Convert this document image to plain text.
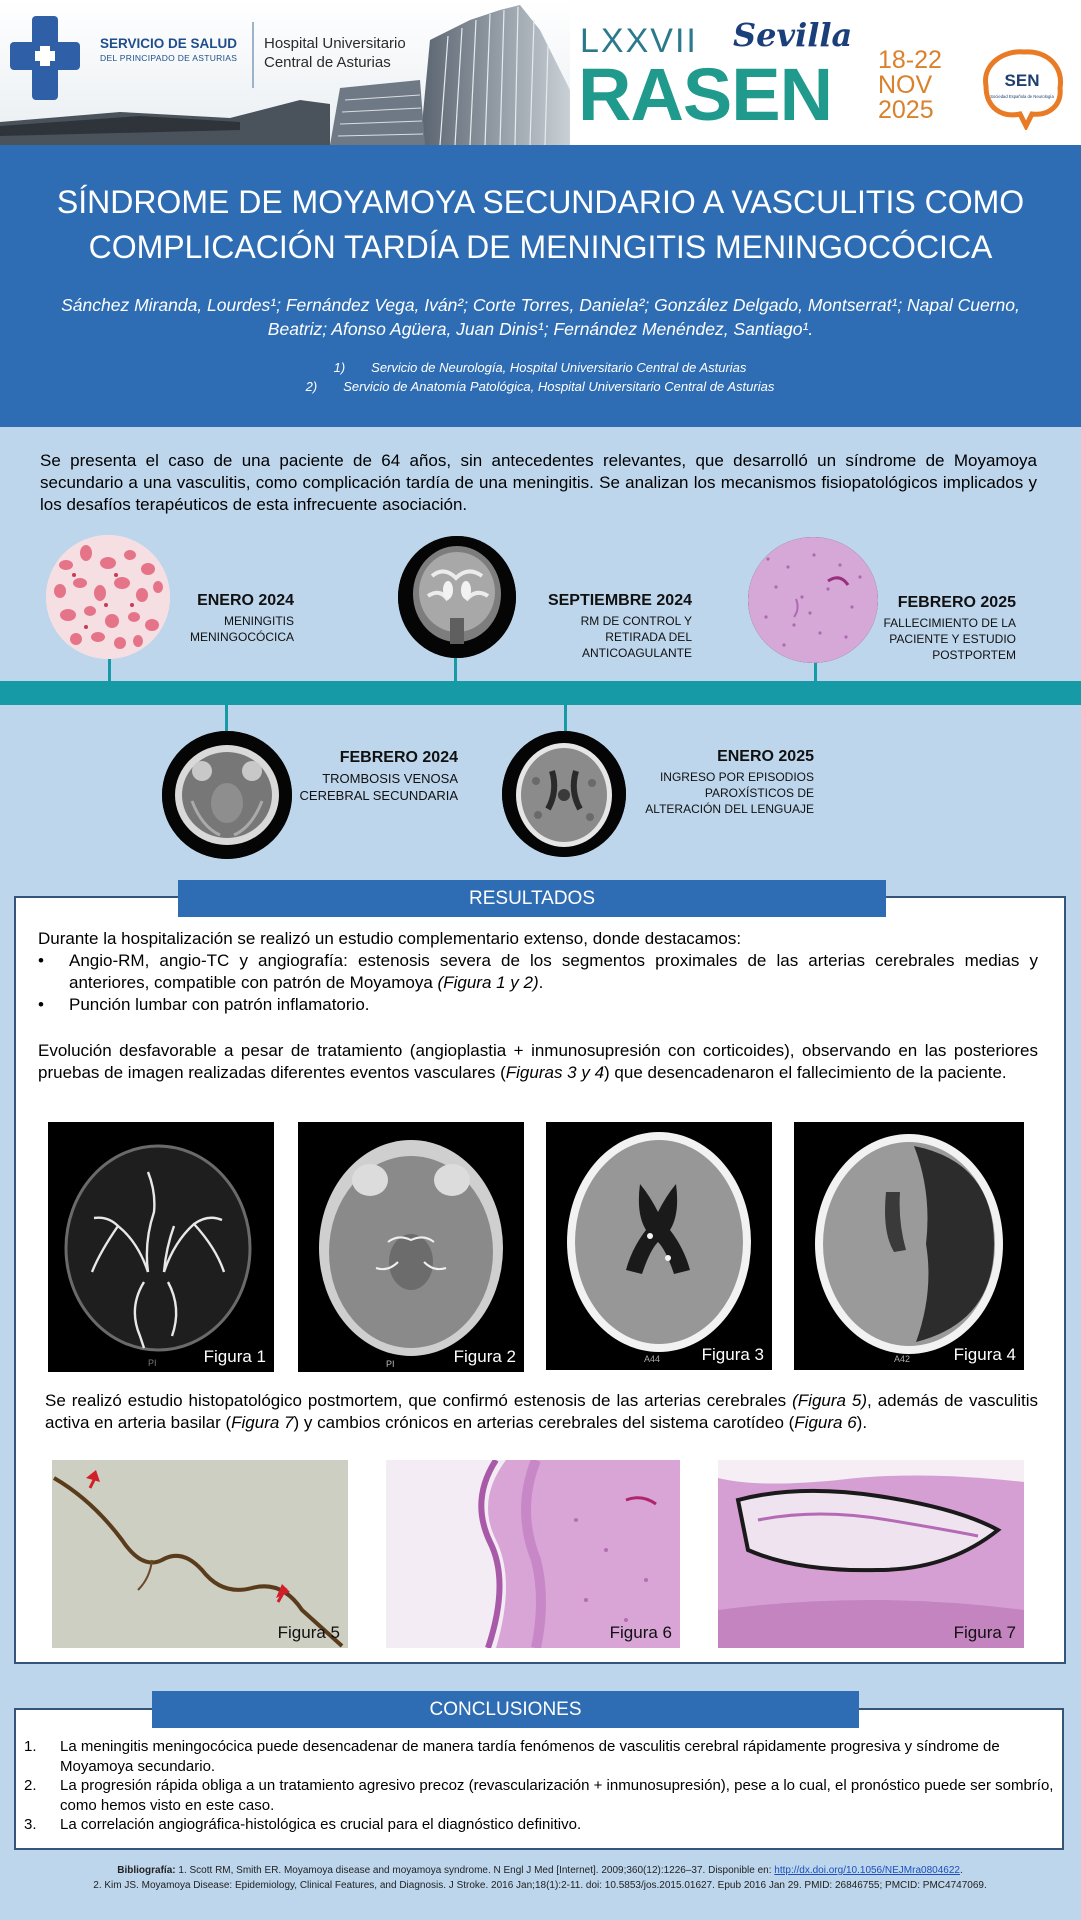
SERVICIO DE SALUD
DEL PRINCIPADO DE ASTURIAS
Hospital Universitario
Central de Asturias
LXXVII Sevilla
RASEN 18-22
NOV
2025
SEN
Sociedad Española de Neurología
SÍNDROME DE MOYAMOYA SECUNDARIO A VASCULITIS COMO
COMPLICACIÓN TARDÍA DE MENINGITIS MENINGOCÓCICA
Sánchez Miranda, Lourdes¹; Fernández Vega, Iván²; Corte Torres, Daniela²; González Delgado, Montserrat¹; Napal Cuerno,
Beatriz; Afonso Agüera, Juan Dinis¹; Fernández Menéndez, Santiago¹.
1) Servicio de Neurología, Hospital Universitario Central de Asturias
2) Servicio de Anatomía Patológica, Hospital Universitario Central de Asturias
Se presenta el caso de una paciente de 64 años, sin antecedentes relevantes, que desarrolló un síndrome de Moyamoya secundario a una vasculitis, como complicación tardía de una meningitis. Se analizan los mecanismos fisiopatológicos implicados y los desafíos terapéuticos de esta infrecuente asociación.
ENERO 2024
MENINGITIS
MENINGOCÓCICA
SEPTIEMBRE 2024
RM DE CONTROL Y
RETIRADA DEL
ANTICOAGULANTE
FEBRERO 2025
FALLECIMIENTO DE LA
PACIENTE Y ESTUDIO
POSTPORTEM
FEBRERO 2024
TROMBOSIS VENOSA
CEREBRAL SECUNDARIA
ENERO 2025
INGRESO POR EPISODIOS
PAROXÍSTICOS DE
ALTERACIÓN DEL LENGUAJE
RESULTADOS
Durante la hospitalización se realizó un estudio complementario extenso, donde destacamos:
•	Angio-RM, angio-TC y angiografía: estenosis severa de los segmentos proximales de las arterias cerebrales medias y anteriores, compatible con patrón de Moyamoya (Figura 1 y 2).
•	Punción lumbar con patrón inflamatorio.
Evolución desfavorable a pesar de tratamiento (angioplastia + inmunosupresión con corticoides), observando en las posteriores pruebas de imagen realizadas diferentes eventos vasculares (Figuras 3 y 4) que desencadenaron el fallecimiento de la paciente.
PI	Figura 1	PI	Figura 2	A44 Figura 3	A42	Figura 4
Se realizó estudio histopatológico postmortem, que confirmó estenosis de las arterias cerebrales (Figura 5), además de vasculitis activa en arteria basilar (Figura 7) y cambios crónicos en arterias cerebrales del sistema carotídeo (Figura 6).
Figura 5	Figura 6	Figura 7
CONCLUSIONES
1.	La meningitis meningocócica puede desencadenar de manera tardía fenómenos de vasculitis cerebral rápidamente progresiva y síndrome de Moyamoya secundario.
2.	La progresión rápida obliga a un tratamiento agresivo precoz (revascularización + inmunosupresión), pese a lo cual, el pronóstico puede ser sombrío, como hemos visto en este caso.
3.	La correlación angiográfica-histológica es crucial para el diagnóstico definitivo.
Bibliografía: 1. Scott RM, Smith ER. Moyamoya disease and moyamoya syndrome. N Engl J Med [Internet]. 2009;360(12):1226–37. Disponible en: http://dx.doi.org/10.1056/NEJMra0804622.
2. Kim JS. Moyamoya Disease: Epidemiology, Clinical Features, and Diagnosis. J Stroke. 2016 Jan;18(1):2-11. doi: 10.5853/jos.2015.01627. Epub 2016 Jan 29. PMID: 26846755; PMCID: PMC4747069.
